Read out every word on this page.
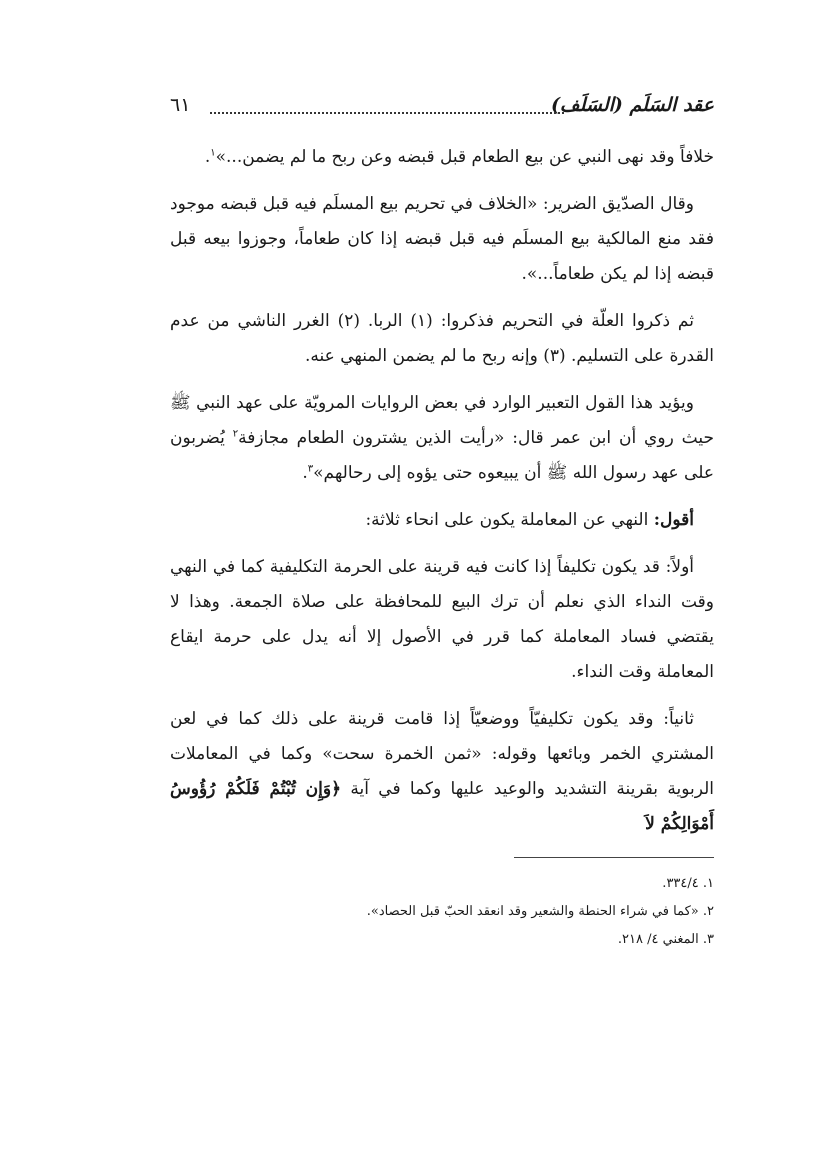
عقد السَلَم (السَلَف)
٦١

خلافاً وقد نهى النبي عن بيع الطعام قبل قبضه وعن ربح ما لم يضمن...»$^١$.

وقال الصدّيق الضرير: «الخلاف في تحريم بيع المسلَم فيه قبل قبضه موجود فقد منع المالكية بيع المسلَم فيه قبل قبضه إذا كان طعاماً، وجوزوا بيعه قبل قبضه إذا لم يكن طعاماً...».

ثم ذكروا العلّة في التحريم فذكروا: (١) الربا. (٢) الغرر الناشي من عدم القدرة على التسليم. (٣) وإنه ربح ما لم يضمن المنهي عنه.

ويؤيد هذا القول التعبير الوارد في بعض الروايات المرويّة على عهد النبي ﷺ حيث روي أن ابن عمر قال: «رأيت الذين يشترون الطعام مجازفة$^٢$ يُضربون على عهد رسول الله ﷺ أن يبيعوه حتى يؤوه إلى رحالهم»$^٣$.

أقول: النهي عن المعاملة يكون على انحاء ثلاثة:

أولاً: قد يكون تكليفاً إذا كانت فيه قرينة على الحرمة التكليفية كما في النهي وقت النداء الذي نعلم أن ترك البيع للمحافظة على صلاة الجمعة. وهذا لا يقتضي فساد المعاملة كما قرر في الأصول إلا أنه يدل على حرمة ايقاع المعاملة وقت النداء.

ثانياً: وقد يكون تكليفيّاً ووضعيّاً إذا قامت قرينة على ذلك كما في لعن المشتري الخمر وبائعها وقوله: «ثمن الخمرة سحت» وكما في المعاملات الربوية بقرينة التشديد والوعيد عليها وكما في آية ﴿وَإِن تُبْتُمْ فَلَكُمْ رُؤُوسُ أَمْوَالِكُمْ لاَ

١. ٣٣٤/٤.

٢. «كما في شراء الحنطة والشعير وقد انعقد الحبّ قبل الحصاد».

٣. المغني ٤/ ٢١٨.
